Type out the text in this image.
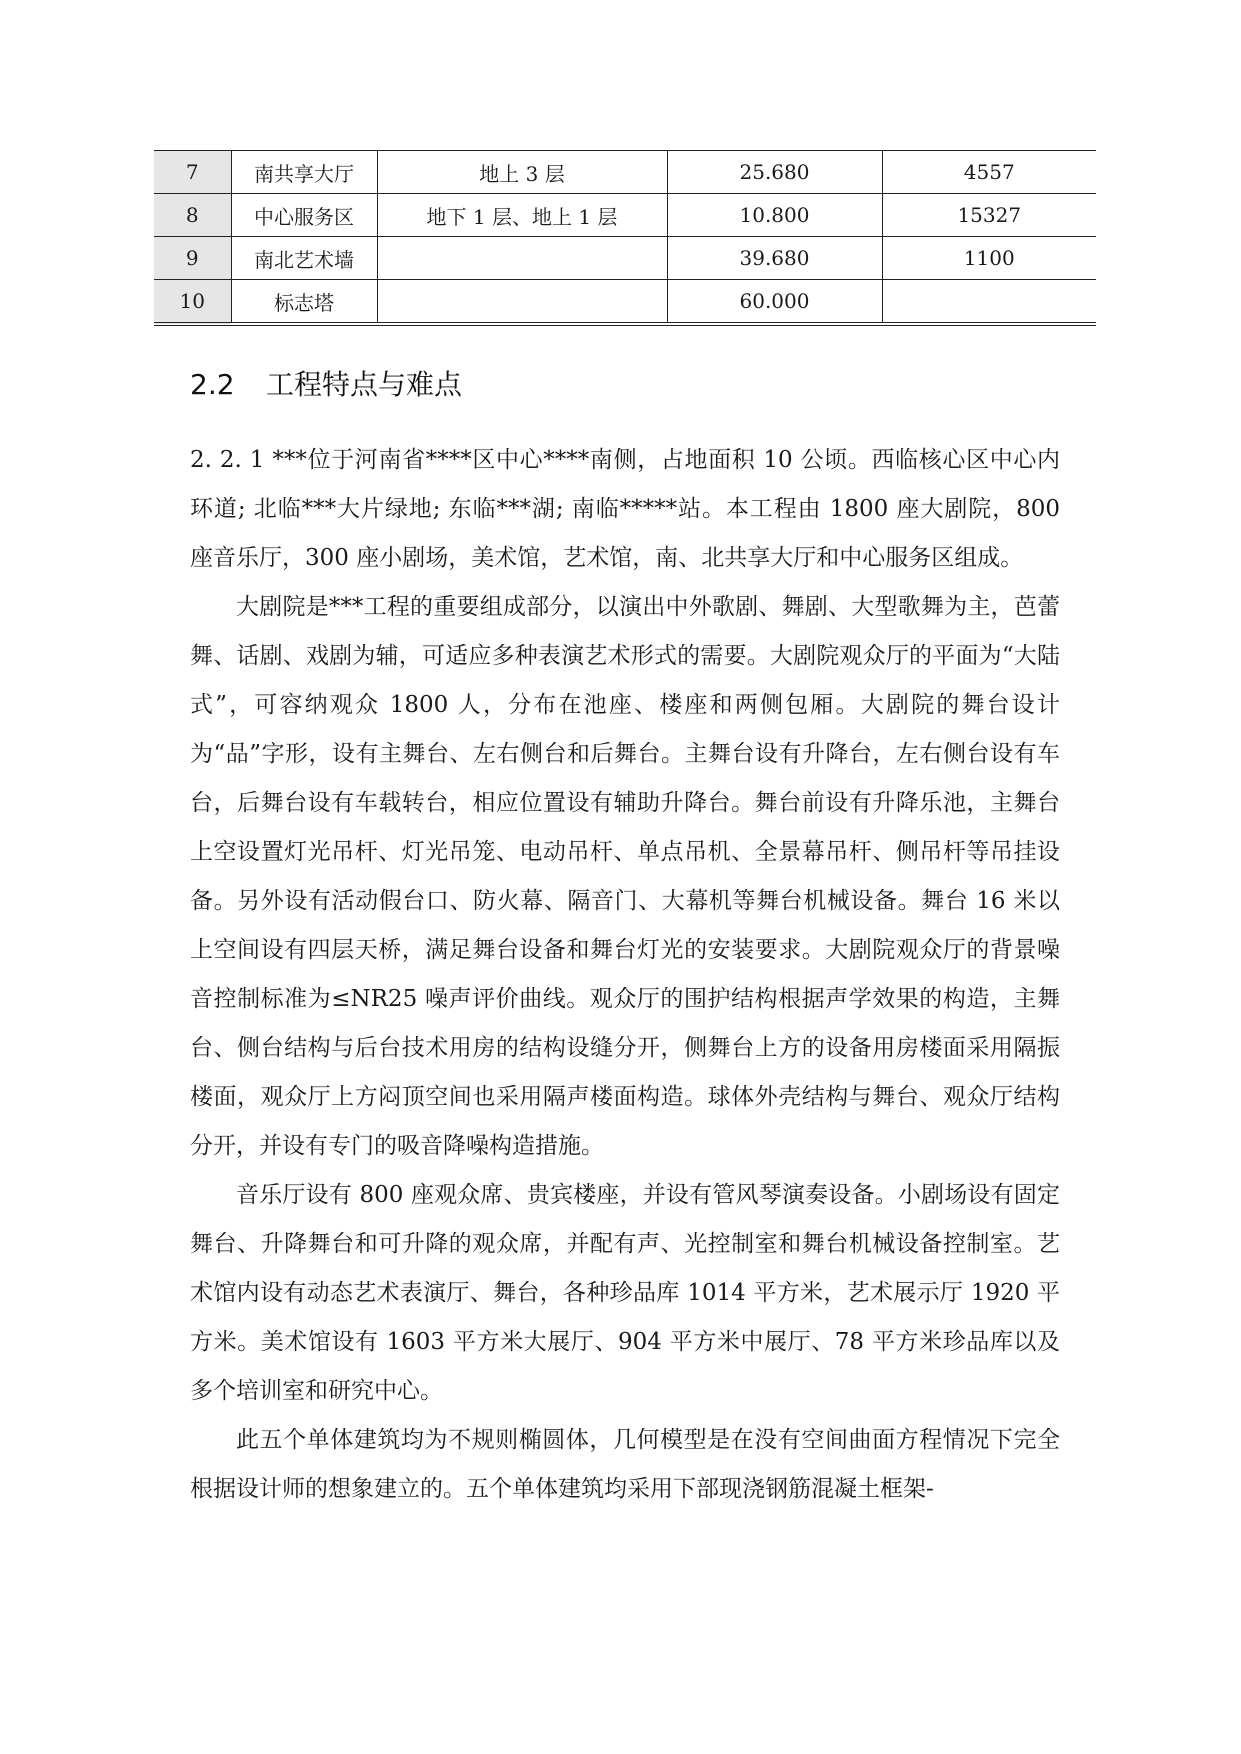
7	南共享大厅	地上 3 层	25.680	4557
8	中心服务区	地下 1 层、地上 1 层	10.800	15327
9	南北艺术墙		39.680	1100
10	标志塔		60.000	
2.2 工程特点与难点

2. 2. 1 ***位于河南省****区中心****南侧，占地面积 10 公顷。西临核心区中心内环道; 北临***大片绿地; 东临***湖; 南临*****站。本工程由 1800 座大剧院，800 座音乐厅，300 座小剧场，美术馆，艺术馆，南、北共享大厅和中心服务区组成。

大剧院是***工程的重要组成部分，以演出中外歌剧、舞剧、大型歌舞为主，芭蕾舞、话剧、戏剧为辅，可适应多种表演艺术形式的需要。大剧院观众厅的平面为“大陆式”，可容纳观众 1800 人，分布在池座、楼座和两侧包厢。大剧院的舞台设计为“品”字形，设有主舞台、左右侧台和后舞台。主舞台设有升降台，左右侧台设有车台，后舞台设有车载转台，相应位置设有辅助升降台。舞台前设有升降乐池，主舞台上空设置灯光吊杆、灯光吊笼、电动吊杆、单点吊机、全景幕吊杆、侧吊杆等吊挂设备。另外设有活动假台口、防火幕、隔音门、大幕机等舞台机械设备。舞台 16 米以上空间设有四层天桥，满足舞台设备和舞台灯光的安装要求。大剧院观众厅的背景噪音控制标准为≤NR25 噪声评价曲线。观众厅的围护结构根据声学效果的构造，主舞台、侧台结构与后台技术用房的结构设缝分开，侧舞台上方的设备用房楼面采用隔振楼面，观众厅上方闷顶空间也采用隔声楼面构造。球体外壳结构与舞台、观众厅结构分开，并设有专门的吸音降噪构造措施。

音乐厅设有 800 座观众席、贵宾楼座，并设有管风琴演奏设备。小剧场设有固定舞台、升降舞台和可升降的观众席，并配有声、光控制室和舞台机械设备控制室。艺术馆内设有动态艺术表演厅、舞台，各种珍品库 1014 平方米，艺术展示厅 1920 平方米。美术馆设有 1603 平方米大展厅、904 平方米中展厅、78 平方米珍品库以及多个培训室和研究中心。

此五个单体建筑均为不规则椭圆体，几何模型是在没有空间曲面方程情况下完全根据设计师的想象建立的。五个单体建筑均采用下部现浇钢筋混凝土框架-
